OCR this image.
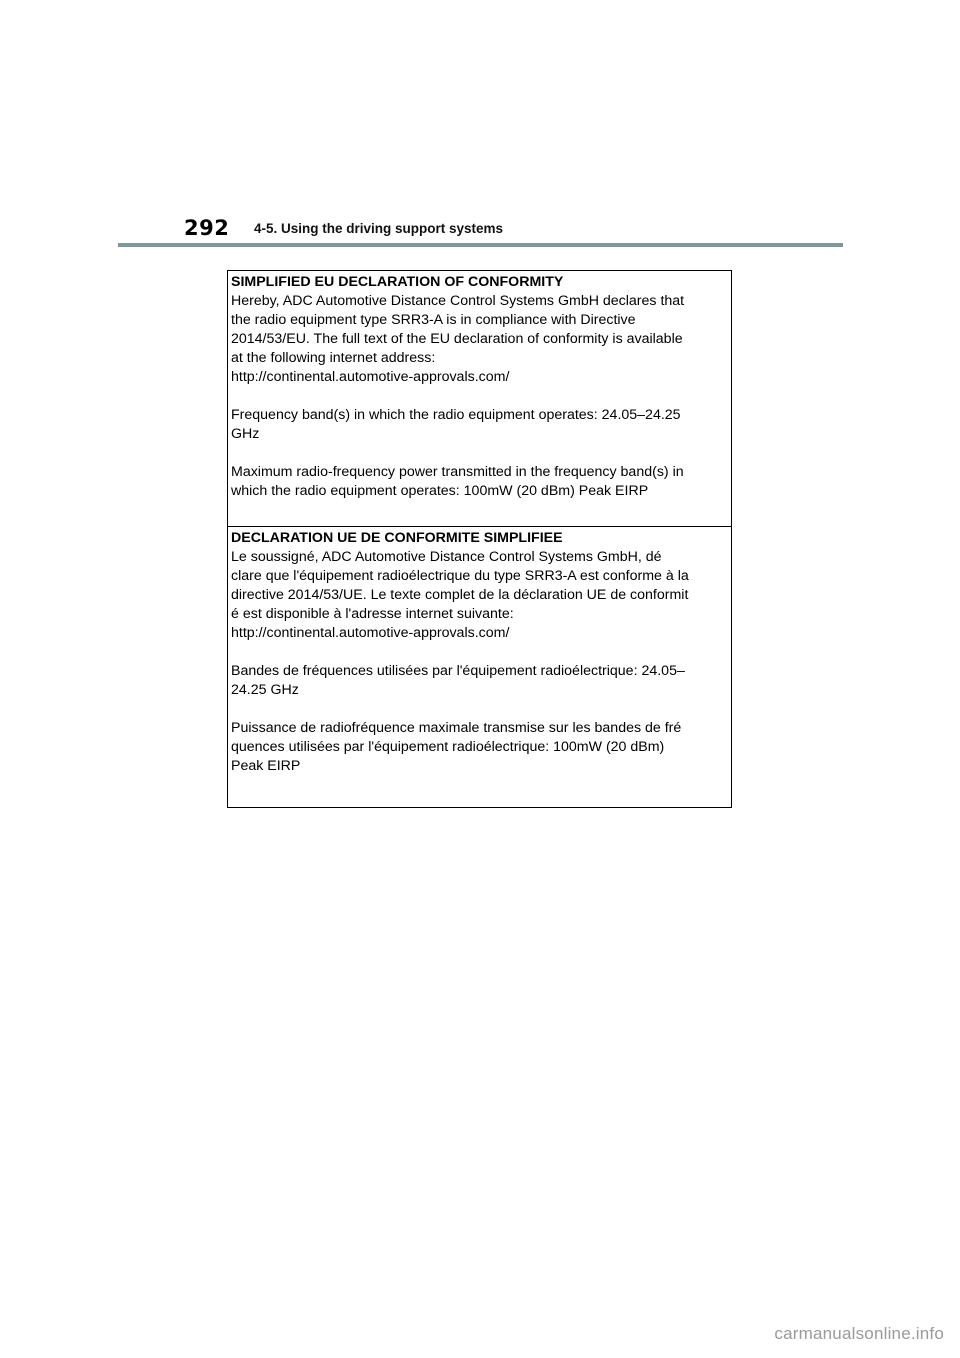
292	4-5. Using the driving support systems

SIMPLIFIED EU DECLARATION OF CONFORMITY

Hereby, ADC Automotive Distance Control Systems GmbH declares that
the radio equipment type SRR3-A is in compliance with Directive
2014/53/EU. The full text of the EU declaration of conformity is available
at the following internet address:
http://continental.automotive-approvals.com/

Frequency band(s) in which the radio equipment operates: 24.05–24.25
GHz

Maximum radio-frequency power transmitted in the frequency band(s) in
which the radio equipment operates: 100mW (20 dBm) Peak EIRP

DECLARATION UE DE CONFORMITE SIMPLIFIEE

Le soussigné, ADC Automotive Distance Control Systems GmbH, dé
clare que l'équipement radioélectrique du type SRR3-A est conforme à la
directive 2014/53/UE. Le texte complet de la déclaration UE de conformit
é est disponible à l'adresse internet suivante:
http://continental.automotive-approvals.com/

Bandes de fréquences utilisées par l'équipement radioélectrique: 24.05–
24.25 GHz

Puissance de radiofréquence maximale transmise sur les bandes de fré
quences utilisées par l'équipement radioélectrique: 100mW (20 dBm)
Peak EIRP

carmanualsonline.info
